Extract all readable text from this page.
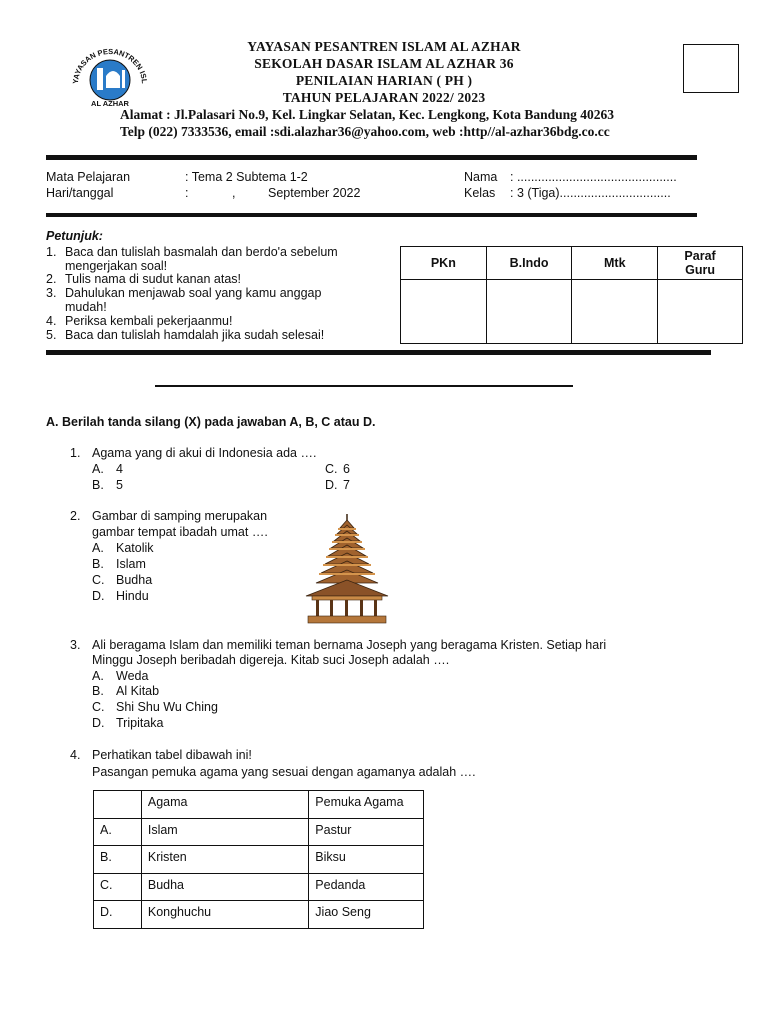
YAYASAN PESANTREN ISL
AL AZHAR
YAYASAN PESANTREN ISLAM AL AZHAR
SEKOLAH DASAR ISLAM AL AZHAR 36
PENILAIAN HARIAN ( PH )
TAHUN PELAJARAN 2022/ 2023
Alamat : Jl.Palasari No.9, Kel. Lingkar Selatan, Kec. Lengkong, Kota Bandung 40263
Telp (022) 7333536, email :sdi.alazhar36@yahoo.com, web :http//al-azhar36bdg.co.cc
Mata Pelajaran	: Tema 2 Subtema 1-2	Nama : ..............................................
Hari/tanggal	:	,	September 2022	Kelas : 3 (Tiga)................................
Petunjuk:
1. Baca dan tulislah basmalah dan berdo'a sebelum
mengerjakan soal!
2. Tulis nama di sudut kanan atas!
3. Dahulukan menjawab soal yang kamu anggap
mudah!
4. Periksa kembali pekerjaanmu!
5. Baca dan tulislah hamdalah jika sudah selesai!
PKn	B.Indo	Mtk	Paraf Guru

A. Berilah tanda silang (X) pada jawaban A, B, C atau D.
1. Agama yang di akui di Indonesia ada ….
A. 4
B. 5
C. 6
D. 7
2. Gambar di samping merupakan
gambar tempat ibadah umat ….
A. Katolik
B. Islam
C. Budha
D. Hindu
3. Ali beragama Islam dan memiliki teman bernama Joseph yang beragama Kristen. Setiap hari
Minggu Joseph beribadah digereja. Kitab suci Joseph adalah ….
A. Weda
B. Al Kitab
C. Shi Shu Wu Ching
D. Tripitaka
4. Perhatikan tabel dibawah ini!
Pasangan pemuka agama yang sesuai dengan agamanya adalah ….
	Agama	Pemuka Agama
A.	Islam	Pastur
B.	Kristen	Biksu
C.	Budha	Pedanda
D.	Konghuchu	Jiao Seng
